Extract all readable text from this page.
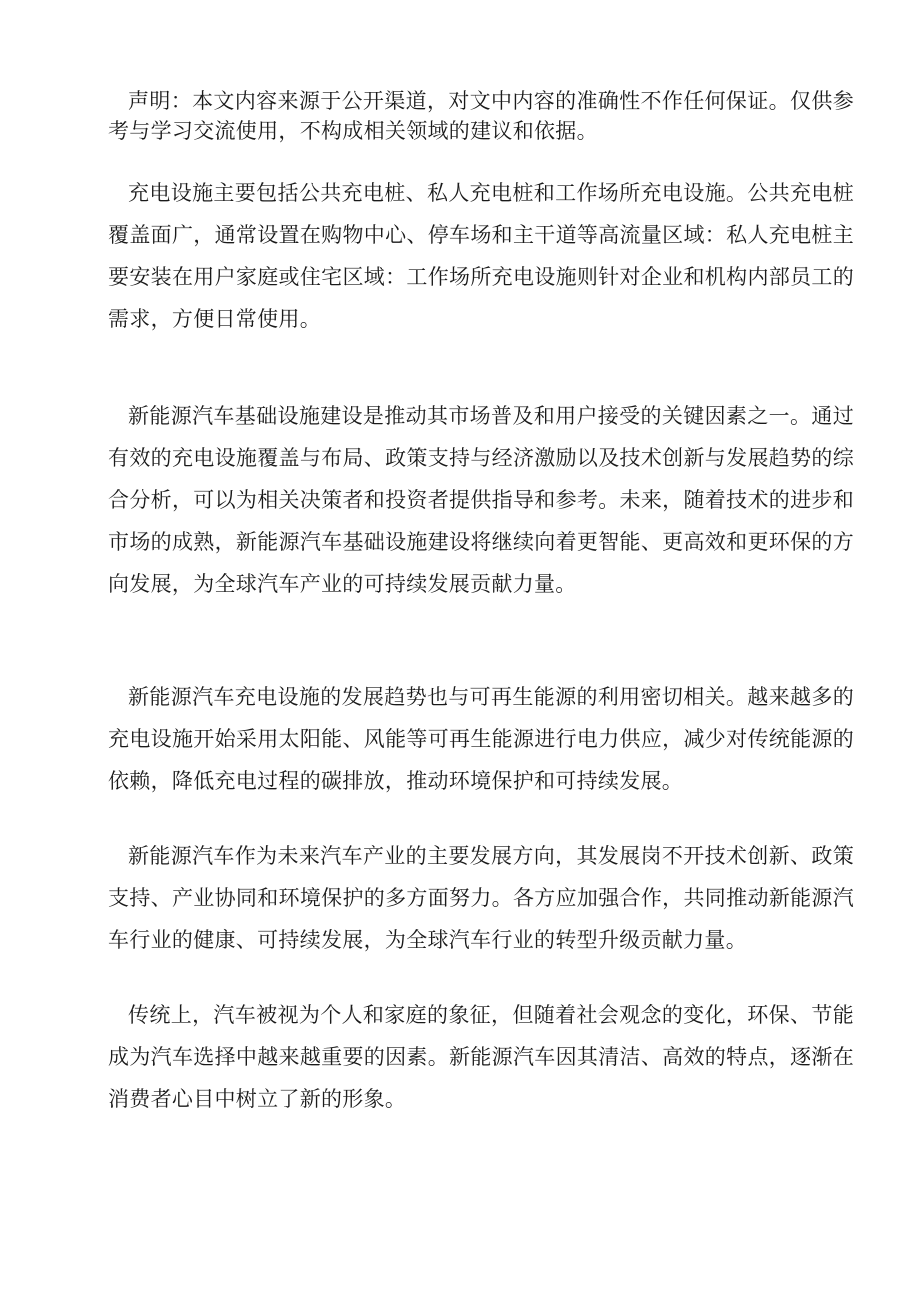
声明：本文内容来源于公开渠道，对文中内容的准确性不作任何保证。仅供参考与学习交流使用，不构成相关领域的建议和依据。

充电设施主要包括公共充电桩、私人充电桩和工作场所充电设施。公共充电桩覆盖面广，通常设置在购物中心、停车场和主干道等高流量区域：私人充电桩主要安装在用户家庭或住宅区域：工作场所充电设施则针对企业和机构内部员工的需求，方便日常使用。

新能源汽车基础设施建设是推动其市场普及和用户接受的关键因素之一。通过有效的充电设施覆盖与布局、政策支持与经济激励以及技术创新与发展趋势的综合分析，可以为相关决策者和投资者提供指导和参考。未来，随着技术的进步和市场的成熟，新能源汽车基础设施建设将继续向着更智能、更高效和更环保的方向发展，为全球汽车产业的可持续发展贡献力量。

新能源汽车充电设施的发展趋势也与可再生能源的利用密切相关。越来越多的充电设施开始采用太阳能、风能等可再生能源进行电力供应，减少对传统能源的依赖，降低充电过程的碳排放，推动环境保护和可持续发展。

新能源汽车作为未来汽车产业的主要发展方向，其发展岗不开技术创新、政策支持、产业协同和环境保护的多方面努力。各方应加强合作，共同推动新能源汽车行业的健康、可持续发展，为全球汽车行业的转型升级贡献力量。

传统上，汽车被视为个人和家庭的象征，但随着社会观念的变化，环保、节能成为汽车选择中越来越重要的因素。新能源汽车因其清洁、高效的特点，逐渐在消费者心目中树立了新的形象。
